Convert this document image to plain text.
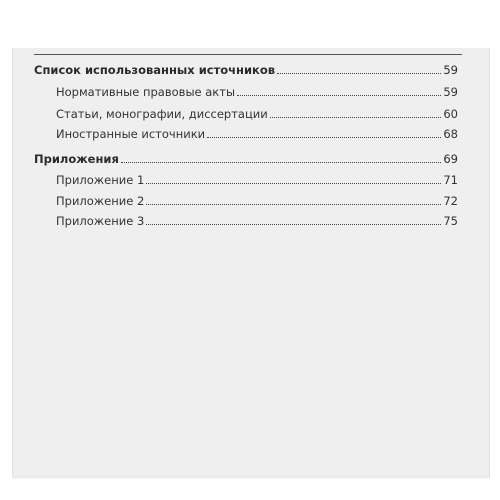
Список использованных источников	59
Нормативные правовые акты	59
Статьи, монографии, диссертации	60
Иностранные источники	68
Приложения	69
Приложение 1	71
Приложение 2	72
Приложение 3	75
